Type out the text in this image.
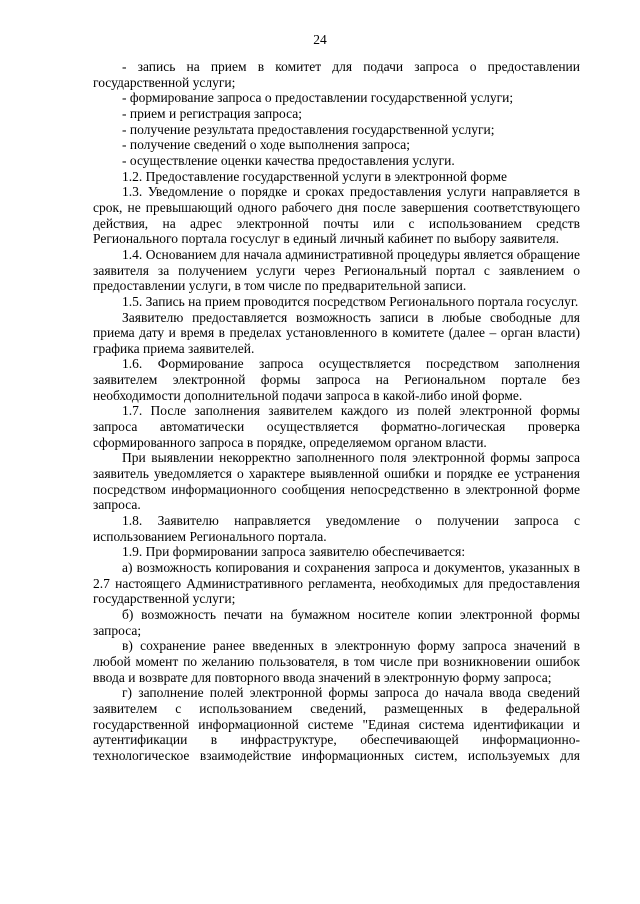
24

- запись на прием в комитет для подачи запроса о предоставлении государственной услуги;

- формирование запроса о предоставлении государственной услуги;

- прием и регистрация запроса;

- получение результата предоставления государственной услуги;

- получение сведений о ходе выполнения запроса;

- осуществление оценки качества предоставления услуги.

1.2. Предоставление государственной услуги в электронной форме

1.3. Уведомление о порядке и сроках предоставления услуги направляется в срок, не превышающий одного рабочего дня после завершения соответствующего действия, на адрес электронной почты или с использованием средств Регионального портала госуслуг в единый личный кабинет по выбору заявителя.

1.4. Основанием для начала административной процедуры является обращение заявителя за получением услуги через Региональный портал с заявлением о предоставлении услуги, в том числе по предварительной записи.

1.5. Запись на прием проводится посредством Регионального портала госуслуг.

Заявителю предоставляется возможность записи в любые свободные для приема дату и время в пределах установленного в комитете (далее – орган власти) графика приема заявителей.

1.6. Формирование запроса осуществляется посредством заполнения заявителем электронной формы запроса на Региональном портале без необходимости дополнительной подачи запроса в какой-либо иной форме.

1.7. После заполнения заявителем каждого из полей электронной формы запроса автоматически осуществляется форматно-логическая проверка сформированного запроса в порядке, определяемом органом власти.

При выявлении некорректно заполненного поля электронной формы запроса заявитель уведомляется о характере выявленной ошибки и порядке ее устранения посредством информационного сообщения непосредственно в электронной форме запроса.

1.8. Заявителю направляется уведомление о получении запроса с использованием Регионального портала.

1.9. При формировании запроса заявителю обеспечивается:

а) возможность копирования и сохранения запроса и документов, указанных в 2.7 настоящего Административного регламента, необходимых для предоставления государственной услуги;

б) возможность печати на бумажном носителе копии электронной формы запроса;

в) сохранение ранее введенных в электронную форму запроса значений в любой момент по желанию пользователя, в том числе при возникновении ошибок ввода и возврате для повторного ввода значений в электронную форму запроса;

г) заполнение полей электронной формы запроса до начала ввода сведений заявителем с использованием сведений, размещенных в федеральной государственной информационной системе "Единая система идентификации и аутентификации в инфраструктуре, обеспечивающей информационно-технологическое взаимодействие информационных систем, используемых для
